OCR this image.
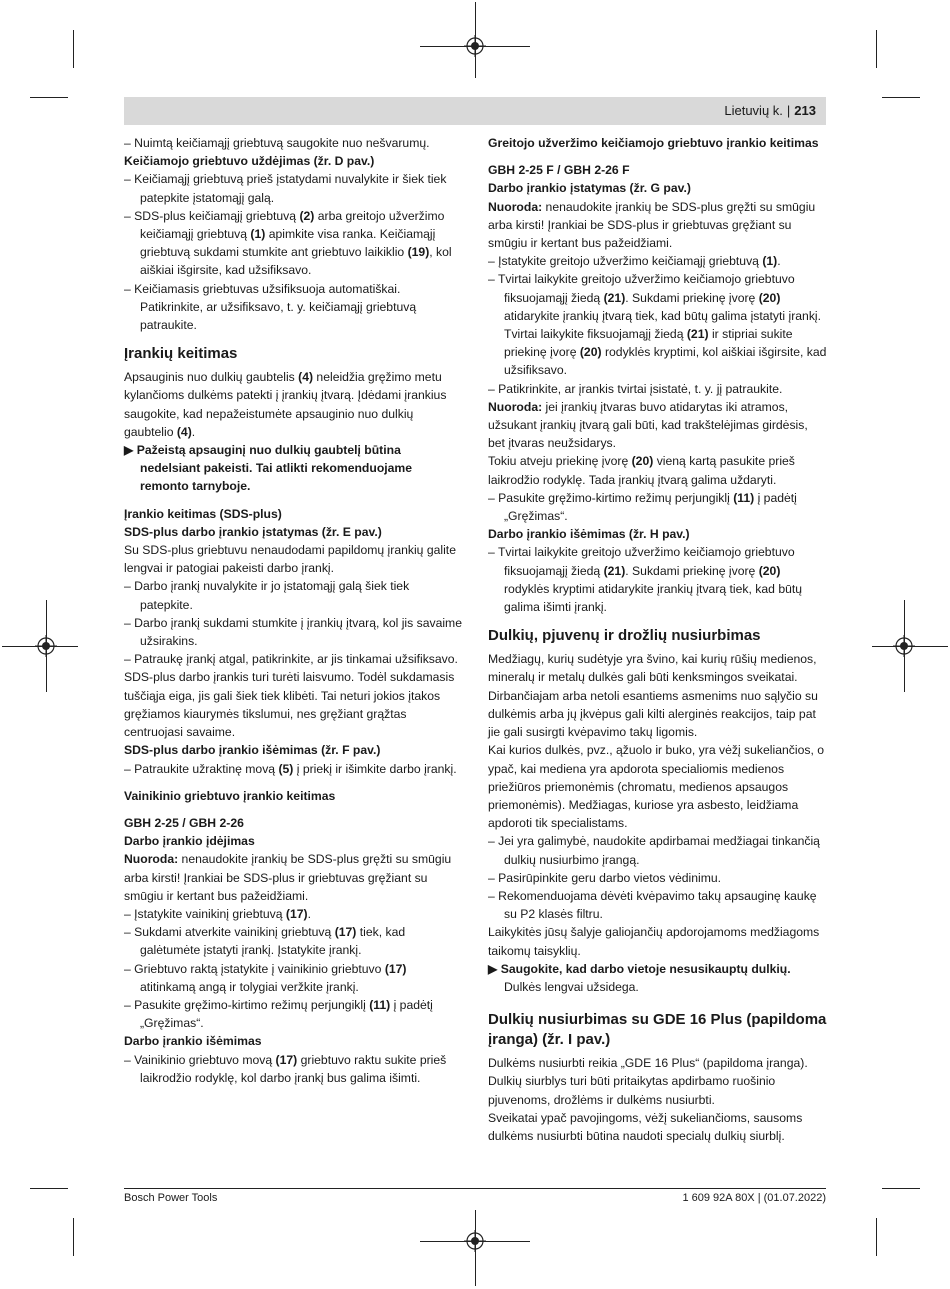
Lietuvių k. | 213

– Nuimtą keičiamąjį griebtuvą saugokite nuo nešvarumų.

Keičiamojo griebtuvo uždėjimas (žr. D pav.)

– Keičiamąjį griebtuvą prieš įstatydami nuvalykite ir šiek tiek patepkite įstatomąjį galą.

– SDS-plus keičiamąjį griebtuvą (2) arba greitojo užveržimo keičiamąjį griebtuvą (1) apimkite visa ranka. Keičiamąjį griebtuvą sukdami stumkite ant griebtuvo laikiklio (19), kol aiškiai išgirsite, kad užsifiksavo.

– Keičiamasis griebtuvas užsifiksuoja automatiškai. Patikrinkite, ar užsifiksavo, t. y. keičiamąjį griebtuvą patraukite.

Įrankių keitimas

Apsauginis nuo dulkių gaubtelis (4) neleidžia gręžimo metu kylančioms dulkėms patekti į įrankių įtvarą. Įdėdami įrankius saugokite, kad nepažeistumėte apsauginio nuo dulkių gaubtelio (4).

▶ Pažeistą apsauginį nuo dulkių gaubtelį būtina nedelsiant pakeisti. Tai atlikti rekomenduojame remonto tarnyboje.

Įrankio keitimas (SDS-plus)
SDS-plus darbo įrankio įstatymas (žr. E pav.)

Su SDS-plus griebtuvu nenaudodami papildomų įrankių galite lengvai ir patogiai pakeisti darbo įrankį.

– Darbo įrankį nuvalykite ir jo įstatomąjį galą šiek tiek patepkite.

– Darbo įrankį sukdami stumkite į įrankių įtvarą, kol jis savaime užsirakins.

– Patraukę įrankį atgal, patikrinkite, ar jis tinkamai užsifiksavo.

SDS-plus darbo įrankis turi turėti laisvumo. Todėl sukdamasis tuščiąja eiga, jis gali šiek tiek klibėti. Tai neturi jokios įtakos gręžiamos kiaurymės tikslumui, nes gręžiant grąžtas centruojasi savaime.

SDS-plus darbo įrankio išėmimas (žr. F pav.)

– Patraukite užraktinę movą (5) į priekį ir išimkite darbo įrankį.

Vainikinio griebtuvo įrankio keitimas
GBH 2-25 / GBH 2-26
Darbo įrankio įdėjimas

Nuoroda: nenaudokite įrankių be SDS-plus gręžti su smūgiu arba kirsti! Įrankiai be SDS-plus ir griebtuvas gręžiant su smūgiu ir kertant bus pažeidžiami.

– Įstatykite vainikinį griebtuvą (17).

– Sukdami atverkite vainikinį griebtuvą (17) tiek, kad galėtumėte įstatyti įrankį. Įstatykite įrankį.

– Griebtuvo raktą įstatykite į vainikinio griebtuvo (17) atitinkamą angą ir tolygiai veržkite įrankį.

– Pasukite gręžimo-kirtimo režimų perjungiklį (11) į padėtį „Gręžimas“.

Darbo įrankio išėmimas

– Vainikinio griebtuvo movą (17) griebtuvo raktu sukite prieš laikrodžio rodyklę, kol darbo įrankį bus galima išimti.

Greitojo užveržimo keičiamojo griebtuvo įrankio keitimas
GBH 2-25 F / GBH 2-26 F
Darbo įrankio įstatymas (žr. G pav.)

Nuoroda: nenaudokite įrankių be SDS-plus gręžti su smūgiu arba kirsti! Įrankiai be SDS-plus ir griebtuvas gręžiant su smūgiu ir kertant bus pažeidžiami.

– Įstatykite greitojo užveržimo keičiamąjį griebtuvą (1).

– Tvirtai laikykite greitojo užveržimo keičiamojo griebtuvo fiksuojamąjį žiedą (21). Sukdami priekinę įvorę (20) atidarykite įrankių įtvarą tiek, kad būtų galima įstatyti įrankį. Tvirtai laikykite fiksuojamąjį žiedą (21) ir stipriai sukite priekinę įvorę (20) rodyklės kryptimi, kol aiškiai išgirsite, kad užsifiksavo.

– Patikrinkite, ar įrankis tvirtai įsistatė, t. y. jį patraukite.

Nuoroda: jei įrankių įtvaras buvo atidarytas iki atramos, užsukant įrankių įtvarą gali būti, kad trakštelėjimas girdėsis, bet įtvaras neužsidarys.

Tokiu atveju priekinę įvorę (20) vieną kartą pasukite prieš laikrodžio rodyklę. Tada įrankių įtvarą galima uždaryti.

– Pasukite gręžimo-kirtimo režimų perjungiklį (11) į padėtį „Gręžimas“.

Darbo įrankio išėmimas (žr. H pav.)

– Tvirtai laikykite greitojo užveržimo keičiamojo griebtuvo fiksuojamąjį žiedą (21). Sukdami priekinę įvorę (20) rodyklės kryptimi atidarykite įrankių įtvarą tiek, kad būtų galima išimti įrankį.

Dulkių, pjuvenų ir drožlių nusiurbimas

Medžiagų, kurių sudėtyje yra švino, kai kurių rūšių medienos, mineralų ir metalų dulkės gali būti kenksmingos sveikatai. Dirbančiajam arba netoli esantiems asmenims nuo sąlyčio su dulkėmis arba jų įkvėpus gali kilti alerginės reakcijos, taip pat jie gali susirgti kvėpavimo takų ligomis.

Kai kurios dulkės, pvz., ąžuolo ir buko, yra vėžį sukeliančios, o ypač, kai mediena yra apdorota specialiomis medienos priežiūros priemonėmis (chromatu, medienos apsaugos priemonėmis). Medžiagas, kuriose yra asbesto, leidžiama apdoroti tik specialistams.

– Jei yra galimybė, naudokite apdirbamai medžiagai tinkančią dulkių nusiurbimo įrangą.

– Pasirūpinkite geru darbo vietos vėdinimu.

– Rekomenduojama dėvėti kvėpavimo takų apsauginę kaukę su P2 klasės filtru.

Laikykitės jūsų šalyje galiojančių apdorojamoms medžiagoms taikomų taisyklių.

▶ Saugokite, kad darbo vietoje nesusikauptų dulkių. Dulkės lengvai užsidega.

Dulkių nusiurbimas su GDE 16 Plus (papildoma įranga) (žr. I pav.)

Dulkėms nusiurbti reikia „GDE 16 Plus“ (papildoma įranga). Dulkių siurblys turi būti pritaikytas apdirbamo ruošinio pjuvenoms, drožlėms ir dulkėms nusiurbti.

Sveikatai ypač pavojingoms, vėžį sukeliančioms, sausoms dulkėms nusiurbti būtina naudoti specialų dulkių siurblį.

Bosch Power Tools	1 609 92A 80X | (01.07.2022)
